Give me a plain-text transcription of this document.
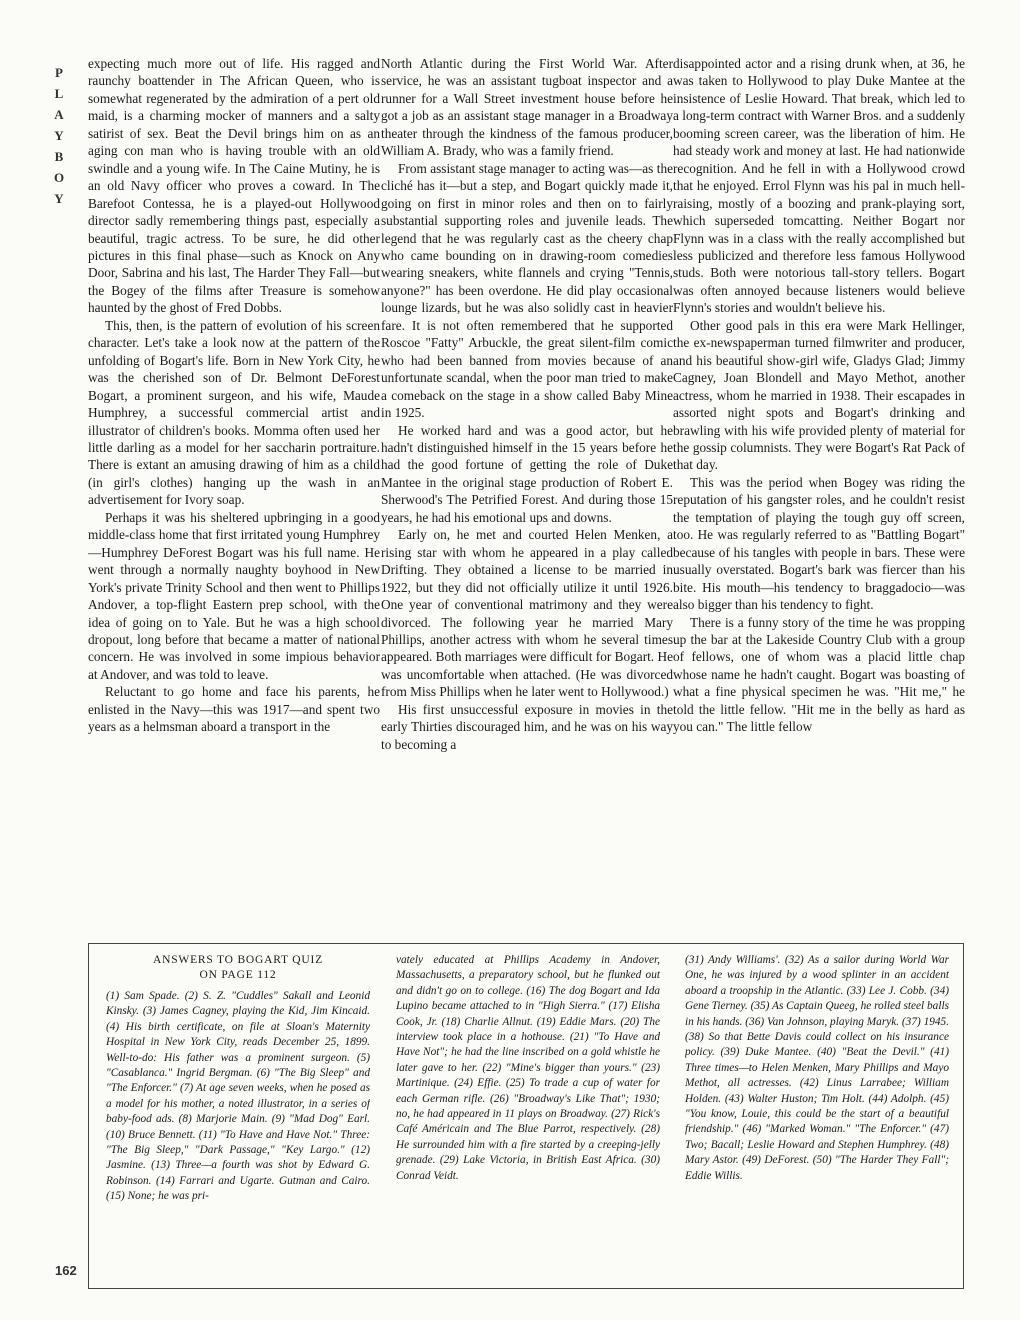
P
L
A
Y
B
O
Y

expecting much more out of life. His ragged and raunchy boattender in The African Queen, who is somewhat regenerated by the admiration of a pert old maid, is a charming mocker of manners and a salty satirist of sex. Beat the Devil brings him on as an aging con man who is having trouble with an old swindle and a young wife. In The Caine Mutiny, he is an old Navy officer who proves a coward. In The Barefoot Contessa, he is a played-out Hollywood director sadly remembering things past, especially a beautiful, tragic actress. To be sure, he did other pictures in this final phase—such as Knock on Any Door, Sabrina and his last, The Harder They Fall—but the Bogey of the films after Treasure is somehow haunted by the ghost of Fred Dobbs.

This, then, is the pattern of evolution of his screen character. Let's take a look now at the pattern of the unfolding of Bogart's life. Born in New York City, he was the cherished son of Dr. Belmont DeForest Bogart, a prominent surgeon, and his wife, Maude Humphrey, a successful commercial artist and illustrator of children's books. Momma often used her little darling as a model for her saccharin portraiture. There is extant an amusing drawing of him as a child (in girl's clothes) hanging up the wash in an advertisement for Ivory soap.

Perhaps it was his sheltered upbringing in a good middle-class home that first irritated young Humphrey—Humphrey DeForest Bogart was his full name. He went through a normally naughty boyhood in New York's private Trinity School and then went to Phillips Andover, a top-flight Eastern prep school, with the idea of going on to Yale. But he was a high school dropout, long before that became a matter of national concern. He was involved in some impious behavior at Andover, and was told to leave.

Reluctant to go home and face his parents, he enlisted in the Navy—this was 1917—and spent two years as a helmsman aboard a transport in the

North Atlantic during the First World War. After service, he was an assistant tugboat inspector and a runner for a Wall Street investment house before he got a job as an assistant stage manager in a Broadway theater through the kindness of the famous producer, William A. Brady, who was a family friend.

From assistant stage manager to acting was—as the cliché has it—but a step, and Bogart quickly made it, going on first in minor roles and then on to fairly substantial supporting roles and juvenile leads. The legend that he was regularly cast as the cheery chap who came bounding on in drawing-room comedies wearing sneakers, white flannels and crying "Tennis, anyone?" has been overdone. He did play occasional lounge lizards, but he was also solidly cast in heavier fare. It is not often remembered that he supported Roscoe "Fatty" Arbuckle, the great silent-film comic who had been banned from movies because of an unfortunate scandal, when the poor man tried to make a comeback on the stage in a show called Baby Mine in 1925.

He worked hard and was a good actor, but he hadn't distinguished himself in the 15 years before he had the good fortune of getting the role of Duke Mantee in the original stage production of Robert E. Sherwood's The Petrified Forest. And during those 15 years, he had his emotional ups and downs.

Early on, he met and courted Helen Menken, a rising star with whom he appeared in a play called Drifting. They obtained a license to be married in 1922, but they did not officially utilize it until 1926. One year of conventional matrimony and they were divorced. The following year he married Mary Phillips, another actress with whom he several times appeared. Both marriages were difficult for Bogart. He was uncomfortable when attached. (He was divorced from Miss Phillips when he later went to Hollywood.)

His first unsuccessful exposure in movies in the early Thirties discouraged him, and he was on his way to becoming a

disappointed actor and a rising drunk when, at 36, he was taken to Hollywood to play Duke Mantee at the insistence of Leslie Howard. That break, which led to a long-term contract with Warner Bros. and a suddenly booming screen career, was the liberation of him. He had steady work and money at last. He had nationwide recognition. And he fell in with a Hollywood crowd that he enjoyed. Errol Flynn was his pal in much hell-raising, mostly of a boozing and prank-playing sort, which superseded tomcatting. Neither Bogart nor Flynn was in a class with the really accomplished but less publicized and therefore less famous Hollywood studs. Both were notorious tall-story tellers. Bogart was often annoyed because listeners would believe Flynn's stories and wouldn't believe his.

Other good pals in this era were Mark Hellinger, the ex-newspaperman turned filmwriter and producer, and his beautiful show-girl wife, Gladys Glad; Jimmy Cagney, Joan Blondell and Mayo Methot, another actress, whom he married in 1938. Their escapades in assorted night spots and Bogart's drinking and brawling with his wife provided plenty of material for the gossip columnists. They were Bogart's Rat Pack of that day.

This was the period when Bogey was riding the reputation of his gangster roles, and he couldn't resist the temptation of playing the tough guy off screen, too. He was regularly referred to as "Battling Bogart" because of his tangles with people in bars. These were usually overstated. Bogart's bark was fiercer than his bite. His mouth—his tendency to braggadocio—was also bigger than his tendency to fight.

There is a funny story of the time he was propping up the bar at the Lakeside Country Club with a group of fellows, one of whom was a placid little chap whose name he hadn't caught. Bogart was boasting of what a fine physical specimen he was. "Hit me," he told the little fellow. "Hit me in the belly as hard as you can." The little fellow

ANSWERS TO BOGART QUIZ
ON PAGE 112

(1) Sam Spade. (2) S. Z. "Cuddles" Sakall and Leonid Kinsky. (3) James Cagney, playing the Kid, Jim Kincaid. (4) His birth certificate, on file at Sloan's Maternity Hospital in New York City, reads December 25, 1899. Well-to-do: His father was a prominent surgeon. (5) "Casablanca." Ingrid Bergman. (6) "The Big Sleep" and "The Enforcer." (7) At age seven weeks, when he posed as a model for his mother, a noted illustrator, in a series of baby-food ads. (8) Marjorie Main. (9) "Mad Dog" Earl. (10) Bruce Bennett. (11) "To Have and Have Not." Three: "The Big Sleep," "Dark Passage," "Key Largo." (12) Jasmine. (13) Three—a fourth was shot by Edward G. Robinson. (14) Farrari and Ugarte. Gutman and Cairo. (15) None; he was pri-

vately educated at Phillips Academy in Andover, Massachusetts, a preparatory school, but he flunked out and didn't go on to college. (16) The dog Bogart and Ida Lupino became attached to in "High Sierra." (17) Elisha Cook, Jr. (18) Charlie Allnut. (19) Eddie Mars. (20) The interview took place in a hothouse. (21) "To Have and Have Not"; he had the line inscribed on a gold whistle he later gave to her. (22) "Mine's bigger than yours." (23) Martinique. (24) Effie. (25) To trade a cup of water for each German rifle. (26) "Broadway's Like That"; 1930; no, he had appeared in 11 plays on Broadway. (27) Rick's Café Américain and The Blue Parrot, respectively. (28) He surrounded him with a fire started by a creeping-jelly grenade. (29) Lake Victoria, in British East Africa. (30) Conrad Veidt.

(31) Andy Williams'. (32) As a sailor during World War One, he was injured by a wood splinter in an accident aboard a troopship in the Atlantic. (33) Lee J. Cobb. (34) Gene Tierney. (35) As Captain Queeg, he rolled steel balls in his hands. (36) Van Johnson, playing Maryk. (37) 1945. (38) So that Bette Davis could collect on his insurance policy. (39) Duke Mantee. (40) "Beat the Devil." (41) Three times—to Helen Menken, Mary Phillips and Mayo Methot, all actresses. (42) Linus Larrabee; William Holden. (43) Walter Huston; Tim Holt. (44) Adolph. (45) "You know, Louie, this could be the start of a beautiful friendship." (46) "Marked Woman." "The Enforcer." (47) Two; Bacall; Leslie Howard and Stephen Humphrey. (48) Mary Astor. (49) DeForest. (50) "The Harder They Fall"; Eddie Willis.

162
